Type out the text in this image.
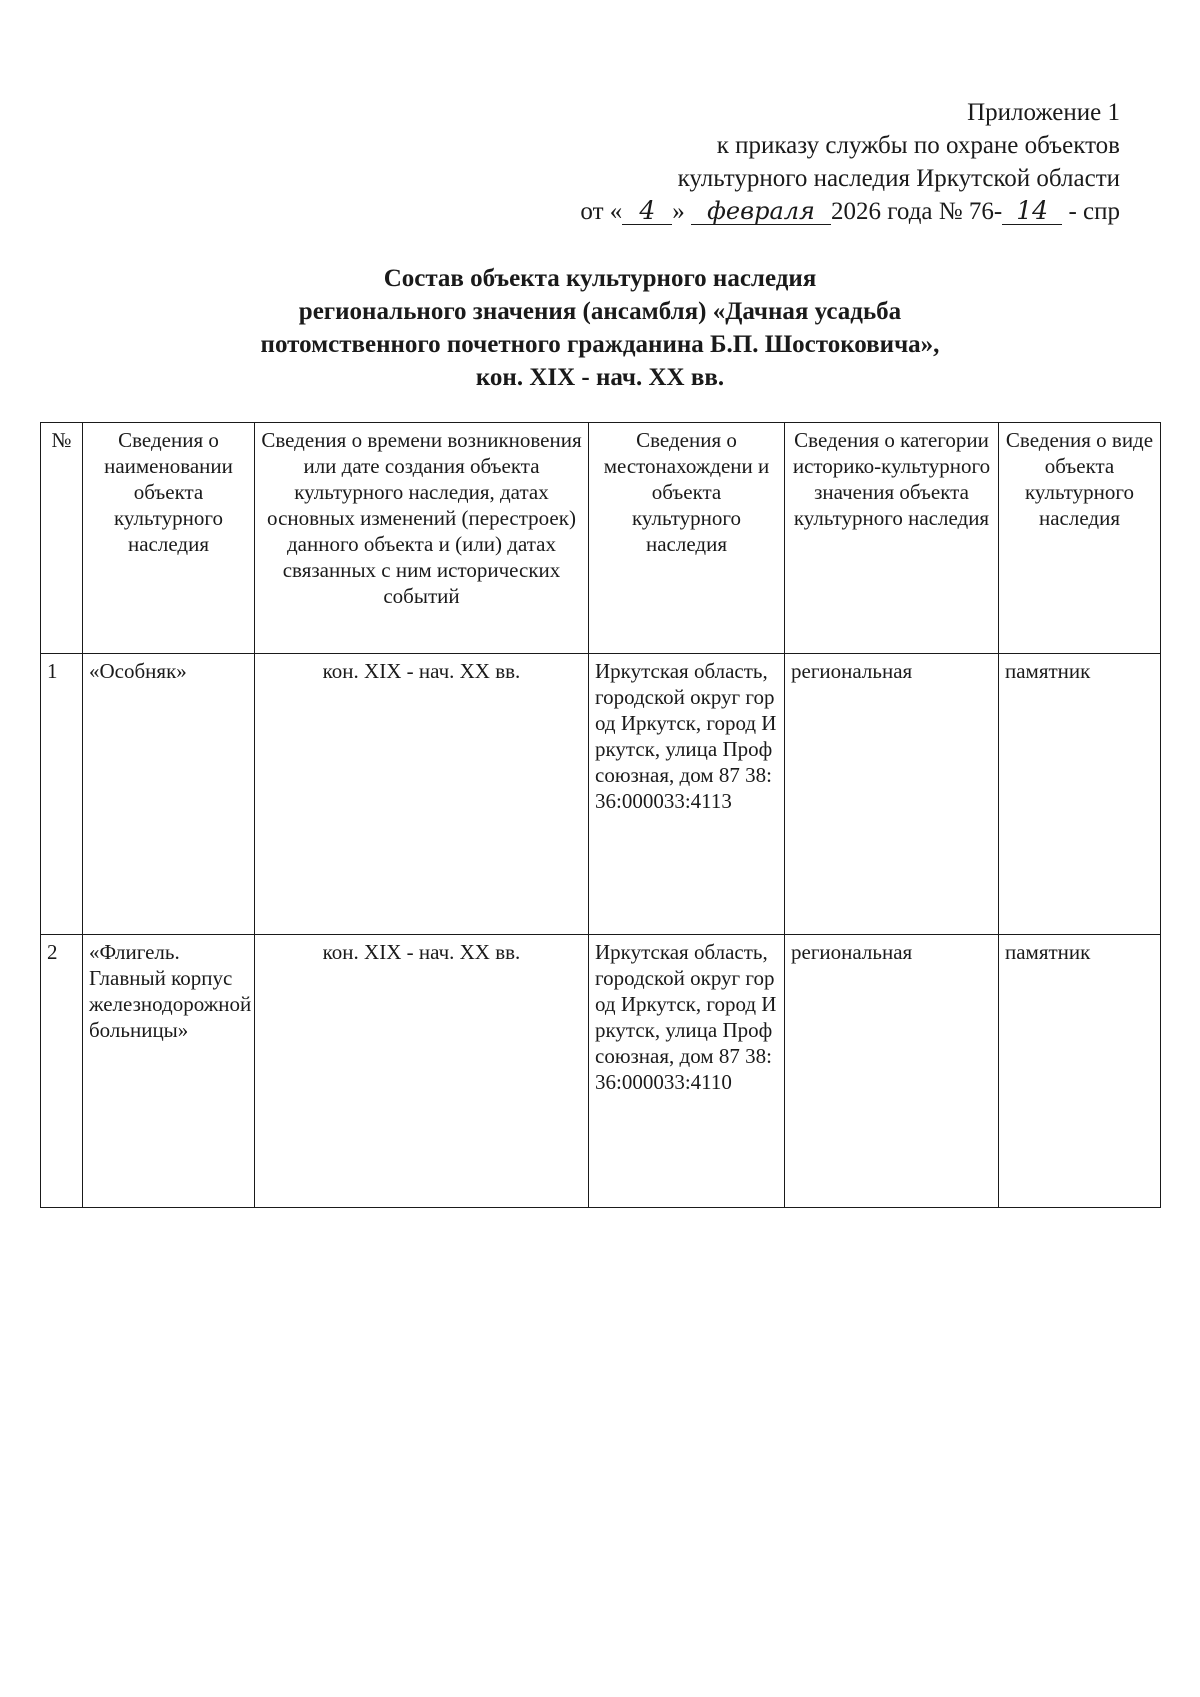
Приложение 1
к приказу службы по охране объектов
культурного наследия Иркутской области
от « 4 » февраля 2026 года № 76- 14 - спр
Состав объекта культурного наследия
регионального значения (ансамбля) «Дачная усадьба
потомственного почетного гражданина Б.П. Шостоковича»,
кон. XIX - нач. XX вв.
№	Сведения о наименовании объекта культурного наследия	Сведения о времени возникновения или дате создания объекта культурного наследия, датах основных изменений (перестроек) данного объекта и (или) датах связанных с ним исторических событий	Сведения о местонахождени и объекта культурного наследия	Сведения о категории историко-культурного значения объекта культурного наследия	Сведения о виде объекта культурного наследия
1	«Особняк»	кон. XIX - нач. XX вв.	Иркутская область, городской округ город Иркутск, город Иркутск, улица Профсоюзная, дом 87 38:36:000033:4113	региональная	памятник
2	«Флигель. Главный корпус железнодорожной больницы»	кон. XIX - нач. XX вв.	Иркутская область, городской округ город Иркутск, город Иркутск, улица Профсоюзная, дом 87 38:36:000033:4110	региональная	памятник
